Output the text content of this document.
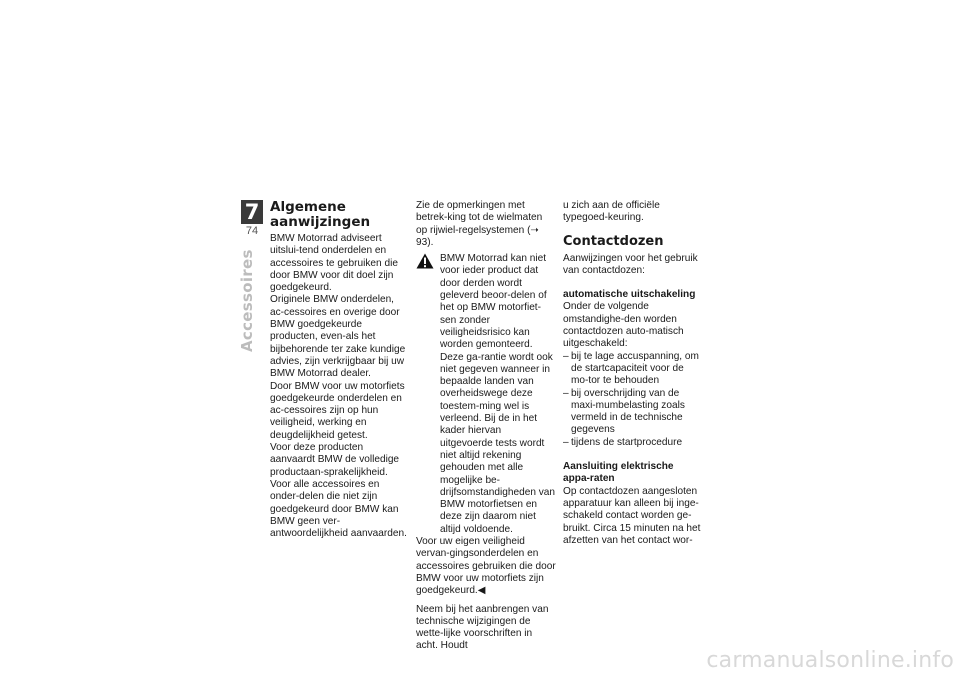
7
74
Accessoires
Algemene aanwijzingen

BMW Motorrad adviseert uitslui-tend onderdelen en accessoires te gebruiken die door BMW voor dit doel zijn goedgekeurd.

Originele BMW onderdelen, ac-cessoires en overige door BMW goedgekeurde producten, even-als het bijbehorende ter zake kundige advies, zijn verkrijgbaar bij uw BMW Motorrad dealer.

Door BMW voor uw motorfiets goedgekeurde onderdelen en ac-cessoires zijn op hun veiligheid, werking en deugdelijkheid getest.

Voor deze producten aanvaardt BMW de volledige productaan-sprakelijkheid.

Voor alle accessoires en onder-delen die niet zijn goedgekeurd door BMW kan BMW geen ver-antwoordelijkheid aanvaarden.

Zie de opmerkingen met betrek-king tot de wielmaten op rijwiel-regelsystemen (➝ 93).

BMW Motorrad kan niet voor ieder product dat door derden wordt geleverd beoor-delen of het op BMW motorfiet-sen zonder veiligheidsrisico kan worden gemonteerd. Deze ga-rantie wordt ook niet gegeven wanneer in bepaalde landen van overheidswege deze toestem-ming wel is verleend. Bij de in het kader hiervan uitgevoerde tests wordt niet altijd rekening gehouden met alle mogelijke be-drijfsomstandigheden van BMW motorfietsen en deze zijn daarom niet altijd voldoende.

Voor uw eigen veiligheid vervan-gingsonderdelen en accessoires gebruiken die door BMW voor uw motorfiets zijn goedgekeurd.◀

Neem bij het aanbrengen van technische wijzigingen de wette-lijke voorschriften in acht. Houdt

u zich aan de officiële typegoed-keuring.

Contactdozen

Aanwijzingen voor het gebruik van contactdozen:

automatische uitschakeling

Onder de volgende omstandighe-den worden contactdozen auto-matisch uitgeschakeld:

– bij te lage accuspanning, om de startcapaciteit voor de mo-tor te behouden
– bij overschrijding van de maxi-mumbelasting zoals vermeld in de technische gegevens
– tijdens de startprocedure
Aansluiting elektrische appa-raten

Op contactdozen aangesloten apparatuur kan alleen bij inge-schakeld contact worden ge-bruikt. Circa 15 minuten na het afzetten van het contact wor-

carmanualsonline.info
